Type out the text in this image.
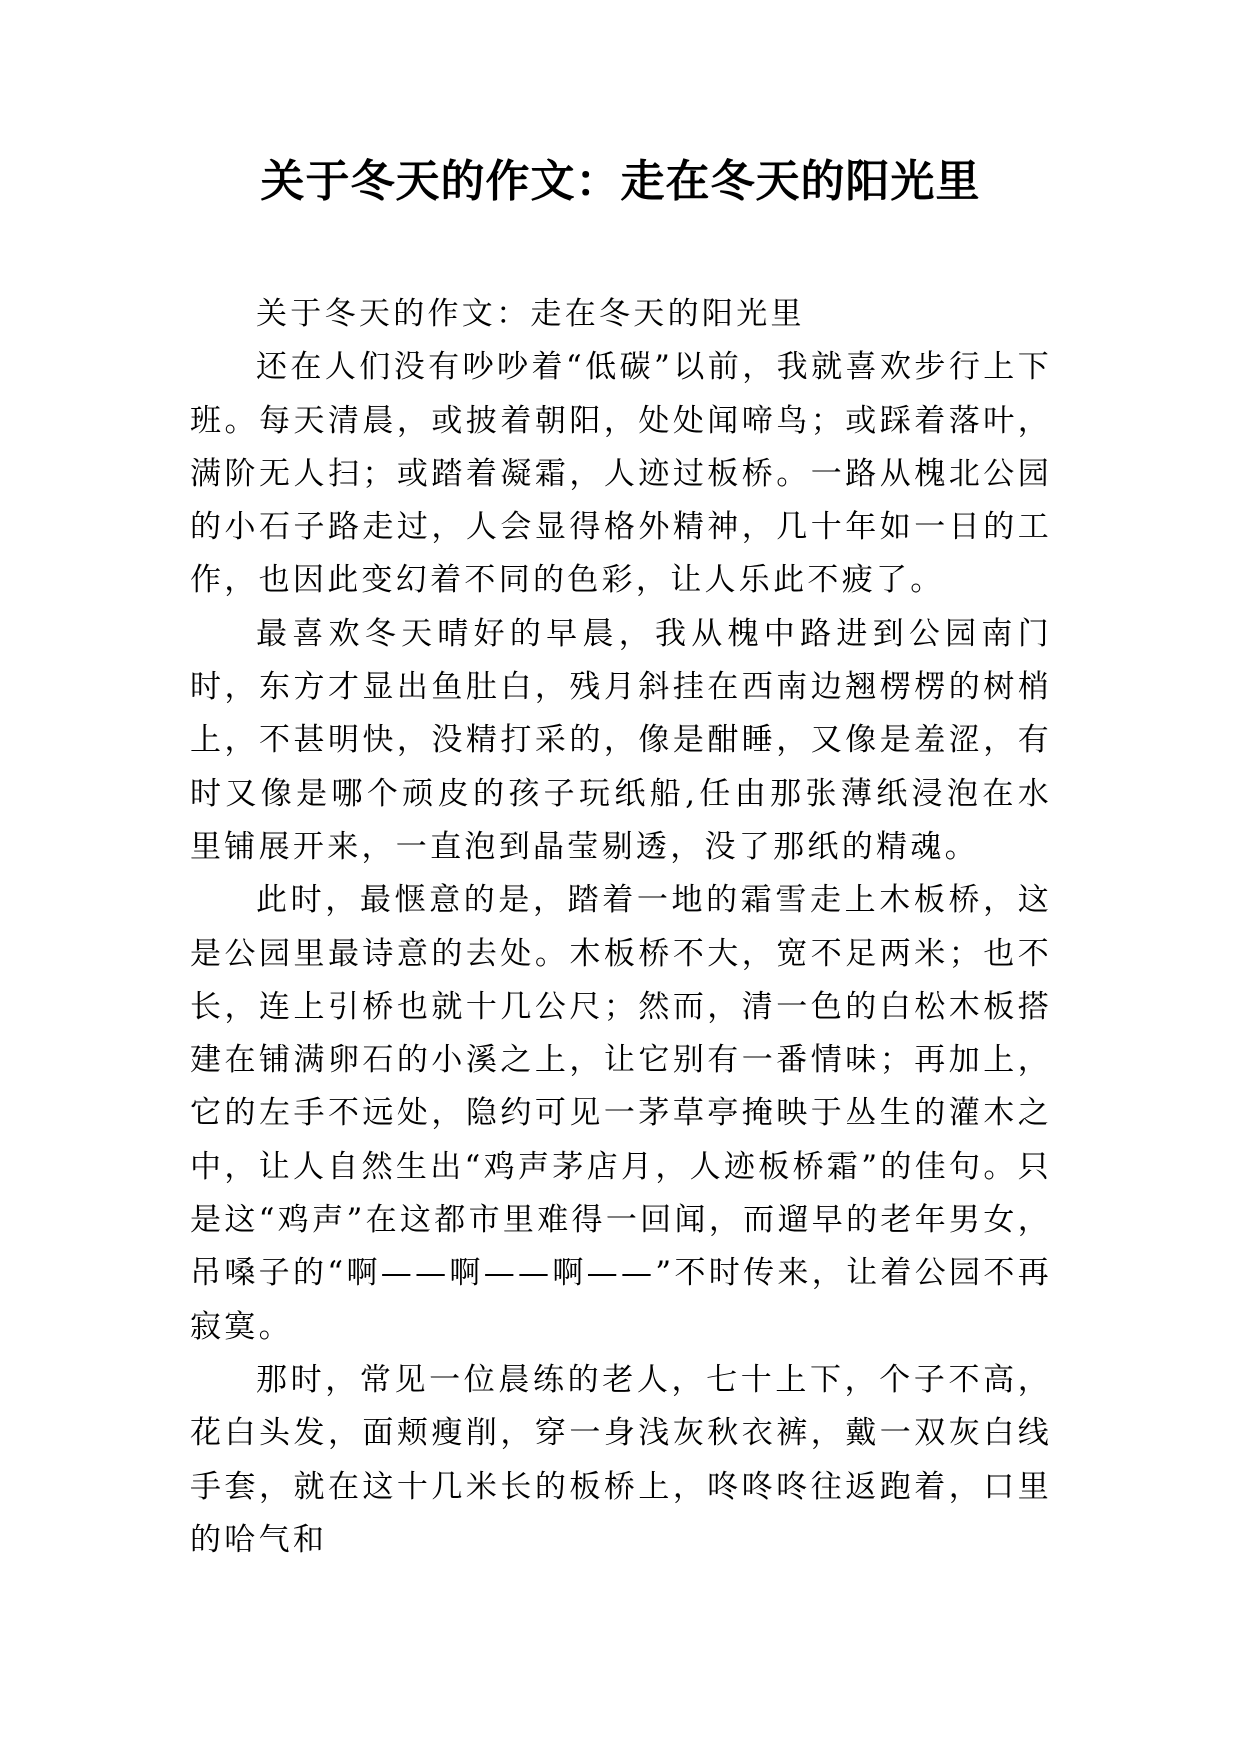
关于冬天的作文：走在冬天的阳光里

关于冬天的作文：走在冬天的阳光里

还在人们没有吵吵着“低碳”以前，我就喜欢步行上下班。每天清晨，或披着朝阳，处处闻啼鸟；或踩着落叶，满阶无人扫；或踏着凝霜，人迹过板桥。一路从槐北公园的小石子路走过，人会显得格外精神，几十年如一日的工作，也因此变幻着不同的色彩，让人乐此不疲了。

最喜欢冬天晴好的早晨，我从槐中路进到公园南门时，东方才显出鱼肚白，残月斜挂在西南边翘楞楞的树梢上，不甚明快，没精打采的，像是酣睡，又像是羞涩，有时又像是哪个顽皮的孩子玩纸船,任由那张薄纸浸泡在水里铺展开来，一直泡到晶莹剔透，没了那纸的精魂。

此时，最惬意的是，踏着一地的霜雪走上木板桥，这是公园里最诗意的去处。木板桥不大，宽不足两米；也不长，连上引桥也就十几公尺；然而，清一色的白松木板搭建在铺满卵石的小溪之上，让它别有一番情味；再加上，它的左手不远处，隐约可见一茅草亭掩映于丛生的灌木之中，让人自然生出“鸡声茅店月，人迹板桥霜”的佳句。只是这“鸡声”在这都市里难得一回闻，而遛早的老年男女，吊嗓子的“啊——啊——啊——”不时传来，让着公园不再寂寞。

那时，常见一位晨练的老人，七十上下，个子不高，花白头发，面颊瘦削，穿一身浅灰秋衣裤，戴一双灰白线手套，就在这十几米长的板桥上，咚咚咚往返跑着，口里的哈气和
